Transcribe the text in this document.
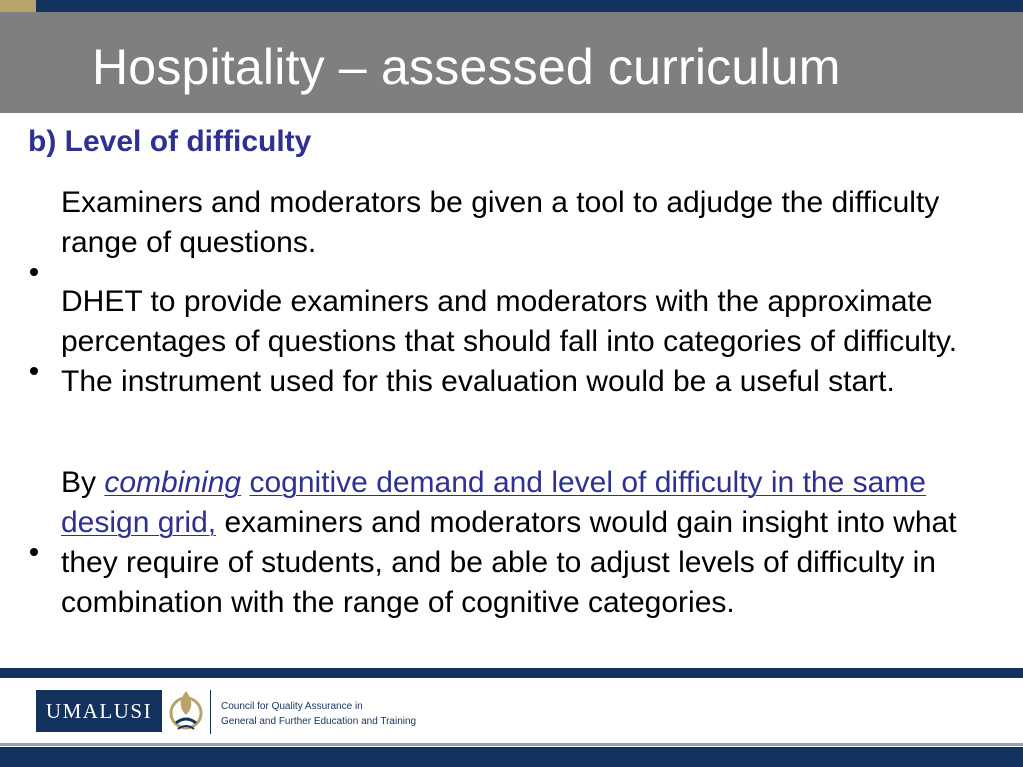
Hospitality – assessed curriculum
b) Level of difficulty
Examiners and moderators be given a tool to adjudge the difficulty range of questions.
DHET to provide examiners and moderators with the approximate percentages of questions that should fall into categories of difficulty. The instrument used for this evaluation would be a useful start.
By combining cognitive demand and level of difficulty in the same design grid, examiners and moderators would gain insight into what they require of students, and be able to adjust levels of difficulty in combination with the range of cognitive categories.
UMALUSI	Council for Quality Assurance in
General and Further Education and Training
